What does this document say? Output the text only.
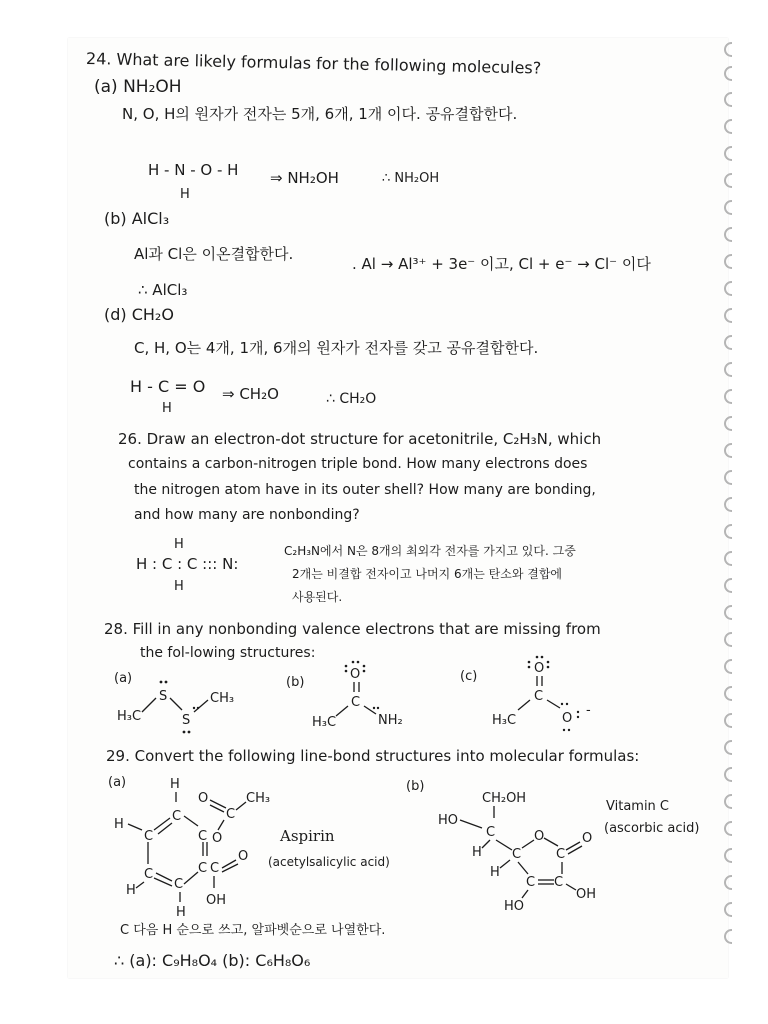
24. What are likely formulas for the following molecules?
(a) NH₂OH
N, O, H의 원자가 전자는 5개, 6개, 1개 이다. 공유결합한다.
H - N - O - H
H
⇒ NH₂OH	∴ NH₂OH
(b) AlCl₃
Al과 Cl은 이온결합한다.
. Al → Al³⁺ + 3e⁻ 이고, Cl + e⁻ → Cl⁻ 이다
∴ AlCl₃
(d) CH₂O
C, H, O는 4개, 1개, 6개의 원자가 전자를 갖고 공유결합한다.
H - C = O
H
⇒ CH₂O	∴ CH₂O
26. Draw an electron-dot structure for acetonitrile, C₂H₃N, which
contains a carbon-nitrogen triple bond. How many electrons does
the nitrogen atom have in its outer shell? How many are bonding,
and how many are nonbonding?
H
H : C : C ::: N:
H
C₂H₃N에서 N은 8개의 최외각 전자를 가지고 있다. 그중
2개는 비결합 전자이고 나머지 6개는 탄소와 결합에
사용된다.
28. Fill in any nonbonding valence electrons that are missing from
the fol-lowing structures:
(a)
H₃C
S
S
CH₃
(b)
O
C
H₃C	NH₂
(c)
O
C
H₃C	O
-
29. Convert the following line-bond structures into molecular formulas:
(a)	(b)
H
H
C
C
C
C	C
C
H
H
O
C
CH₃
O
C
O
OH
Aspirin
(acetylsalicylic acid)
CH₂OH
HO
C
H C
H
O
C
O
C C
OH
HO
Vitamin C
(ascorbic acid)
C 다음 H 순으로 쓰고, 알파벳순으로 나열한다.
∴ (a): C₉H₈O₄ (b): C₆H₈O₆
